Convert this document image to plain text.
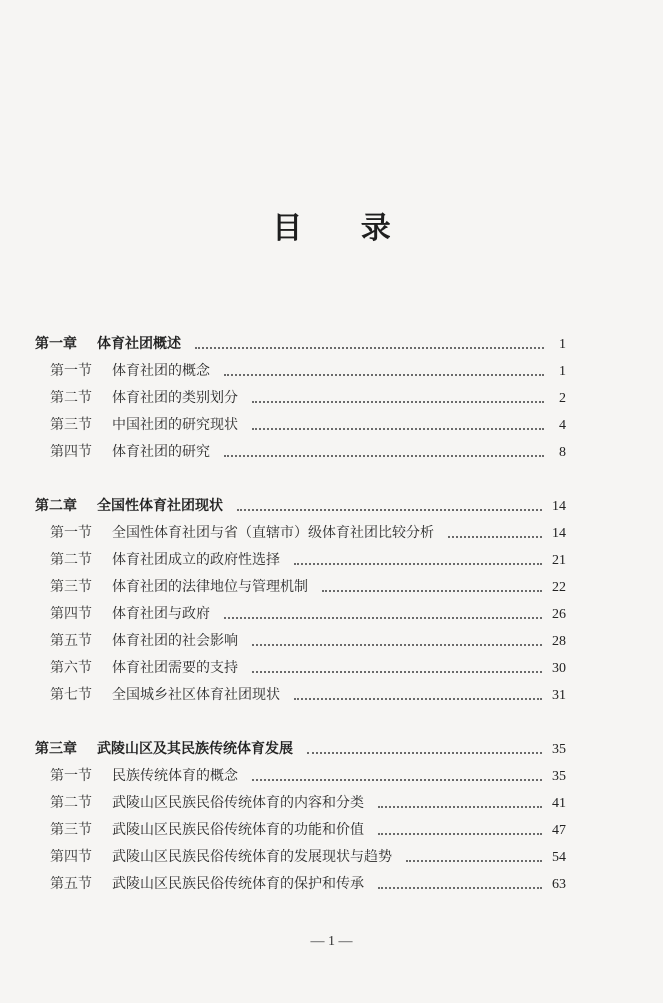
目 录
第一章	体育社团概述	1
第一节	体育社团的概念	1
第二节	体育社团的类别划分	2
第三节	中国社团的研究现状	4
第四节	体育社团的研究	8
第二章	全国性体育社团现状	14
第一节	全国性体育社团与省（直辖市）级体育社团比较分析	14
第二节	体育社团成立的政府性选择	21
第三节	体育社团的法律地位与管理机制	22
第四节	体育社团与政府	26
第五节	体育社团的社会影响	28
第六节	体育社团需要的支持	30
第七节	全国城乡社区体育社团现状	31
第三章	武陵山区及其民族传统体育发展	35
第一节	民族传统体育的概念	35
第二节	武陵山区民族民俗传统体育的内容和分类	41
第三节	武陵山区民族民俗传统体育的功能和价值	47
第四节	武陵山区民族民俗传统体育的发展现状与趋势	54
第五节	武陵山区民族民俗传统体育的保护和传承	63
— 1 —
